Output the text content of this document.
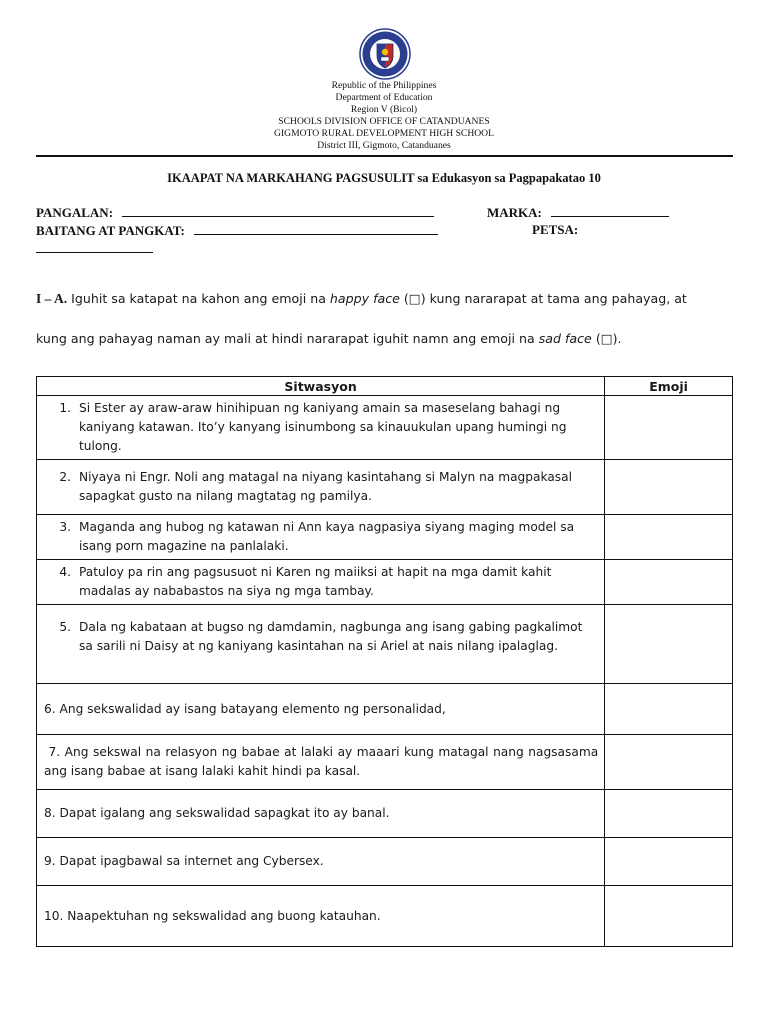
Republic of the Philippines
Department of Education
Region V (Bicol)
SCHOOLS DIVISION OFFICE OF CATANDUANES
GIGMOTO RURAL DEVELOPMENT HIGH SCHOOL
District III, Gigmoto, Catanduanes
IKAAPAT NA MARKAHANG PAGSUSULIT sa Edukasyon sa Pagpapakatao 10
PANGALAN:	MARKA:
BAITANG AT PANGKAT:	PETSA:
I – A. Iguhit sa katapat na kahon ang emoji na happy face (□) kung nararapat at tama ang pahayag, at
kung ang pahayag naman ay mali at hindi nararapat iguhit namn ang emoji na sad face (□).
Sitwasyon	Emoji

1. Si Ester ay araw-araw hinihipuan ng kaniyang amain sa maseselang bahagi ng kaniyang katawan. Ito’y kanyang isinumbong sa kinauukulan upang humingi ng tulong.	

2. Niyaya ni Engr. Noli ang matagal na niyang kasintahang si Malyn na magpakasal sapagkat gusto na nilang magtatag ng pamilya.	

3. Maganda ang hubog ng katawan ni Ann kaya nagpasiya siyang maging model sa isang porn magazine na panlalaki.	

4. Patuloy pa rin ang pagsusuot ni Karen ng maiiksi at hapit na mga damit kahit madalas ay nababastos na siya ng mga tambay.	

5. Dala ng kabataan at bugso ng damdamin, nagbunga ang isang gabing pagkalimot sa sarili ni Daisy at ng kaniyang kasintahan na si Ariel at nais nilang ipalaglag.	

6. Ang sekswalidad ay isang batayang elemento ng personalidad,	

7. Ang sekswal na relasyon ng babae at lalaki ay maaari kung matagal nang nagsasama ang isang babae at isang lalaki kahit hindi pa kasal.	

8. Dapat igalang ang sekswalidad sapagkat ito ay banal.	

9. Dapat ipagbawal sa internet ang Cybersex.	

10. Naapektuhan ng sekswalidad ang buong katauhan.	
